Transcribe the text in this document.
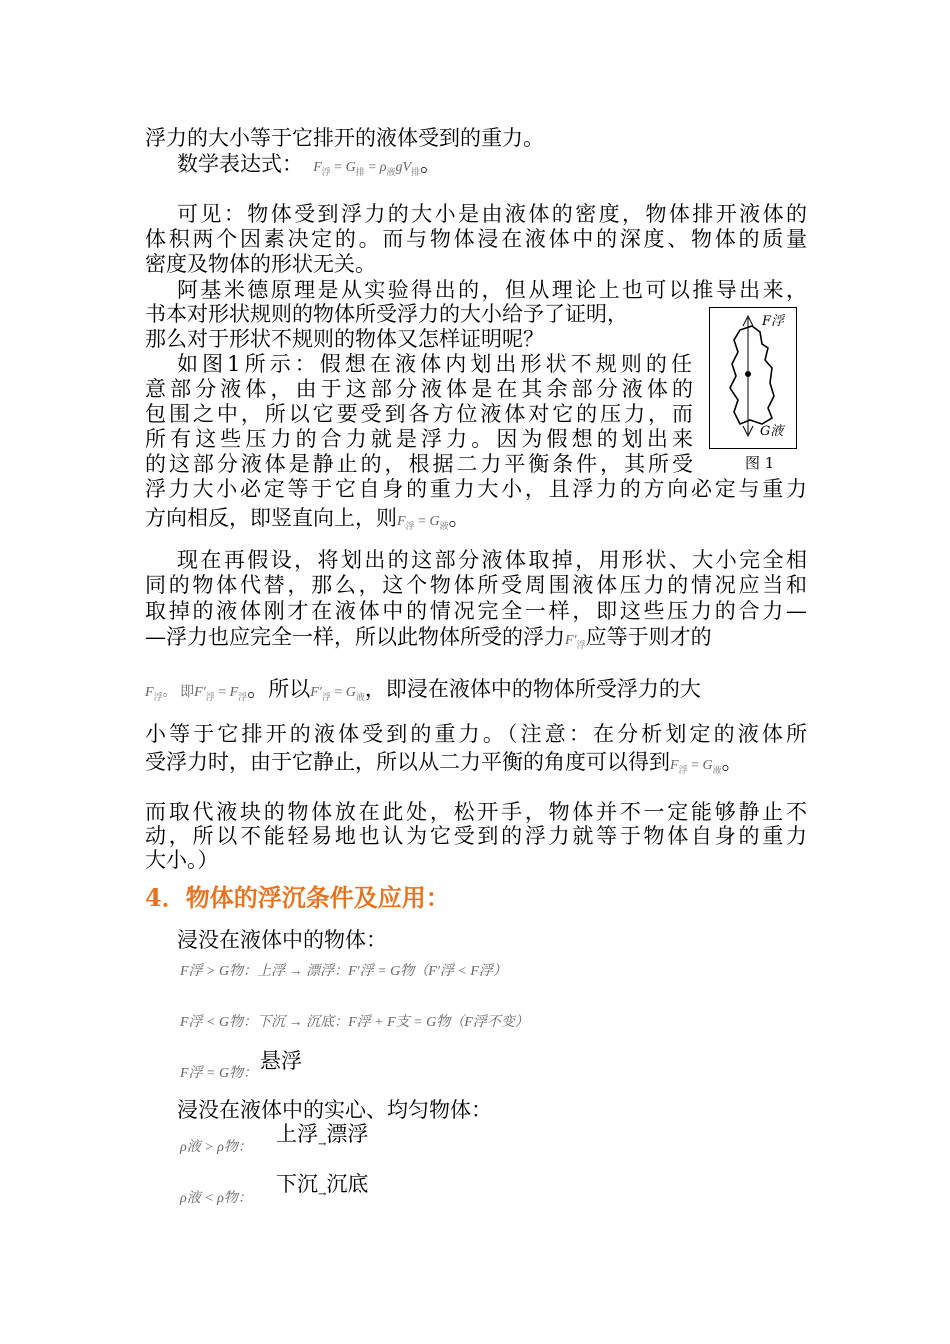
浮力的大小等于它排开的液体受到的重力。
数学表达式：  $F_浮 = G_排 = \rho_液gV_排$。
可见：物体受到浮力的大小是由液体的密度，物体排开液体的
体积两个因素决定的。而与物体浸在液体中的深度、物体的质量
密度及物体的形状无关。
阿基米德原理是从实验得出的，但从理论上也可以推导出来，
书本对形状规则的物体所受浮力的大小给予了证明，
那么对于形状不规则的物体又怎样证明呢？
如图1所示：假想在液体内划出形状不规则的任
意部分液体，由于这部分液体是在其余部分液体的
包围之中，所以它要受到各方位液体对它的压力，而
所有这些压力的合力就是浮力。因为假想的划出来
的这部分液体是静止的，根据二力平衡条件，其所受
浮力大小必定等于它自身的重力大小，且浮力的方向必定与重力
方向相反，即竖直向上，则$F_浮 = G_液$。
F浮
G液
图 1
现在再假设，将划出的这部分液体取掉，用形状、大小完全相
同的物体代替，那么，这个物体所受周围液体压力的情况应当和
取掉的液体刚才在液体中的情况完全一样，即这些压力的合力—
—浮力也应完全一样，所以此物体所受的浮力$F'_浮$应等于则才的
$F_浮$。 即$F'_浮 = F_浮$。所以$F'_浮 = G_液$，即浸在液体中的物体所受浮力的大
小等于它排开的液体受到的重力。（注意：在分析划定的液体所
受浮力时，由于它静止，所以从二力平衡的角度可以得到$F_浮 = G_液$。
而取代液块的物体放在此处，松开手，物体并不一定能够静止不
动，所以不能轻易地也认为它受到的浮力就等于物体自身的重力
大小。）
4．物体的浮沉条件及应用：
浸没在液体中的物体：
F浮 > G物：上浮 → 漂浮：F′浮 = G物（F′浮 < F浮）
F浮 < G物：下沉 → 沉底：F浮 + F支 = G物（F浮不变）
F浮 = G物：
悬浮
浸没在液体中的实心、均匀物体：
ρ液 > ρ物：
上浮$_\to$漂浮
ρ液 < ρ物：
下沉$_\to$沉底
